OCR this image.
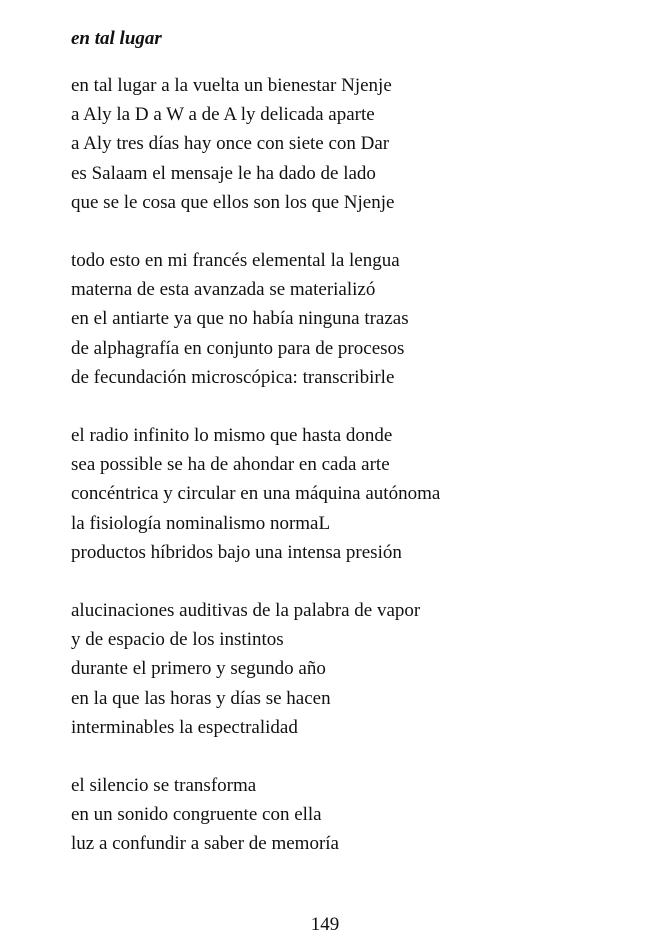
en tal lugar
en tal lugar a la vuelta un bienestar Njenje
a Aly la D a W a de A ly delicada aparte
a Aly tres días hay once con siete con Dar
es Salaam el mensaje le ha dado de lado
que se le cosa que ellos son los que Njenje
todo esto en mi francés elemental la lengua
materna de esta avanzada se materializó
en el antiarte ya que no había ninguna trazas
de alphagrafía en conjunto para de procesos
de fecundación microscópica: transcribirle
el radio infinito lo mismo que hasta donde
sea possible se ha de ahondar en cada arte
concéntrica y circular en una máquina autónoma
la fisiología nominalismo normaL
productos híbridos bajo una intensa presión
alucinaciones auditivas de la palabra de vapor
y de espacio de los instintos
durante el primero y segundo año
en la que las horas y días se hacen
interminables la espectralidad
el silencio se transforma
en un sonido congruente con ella
luz a confundir a saber de memoría
149
